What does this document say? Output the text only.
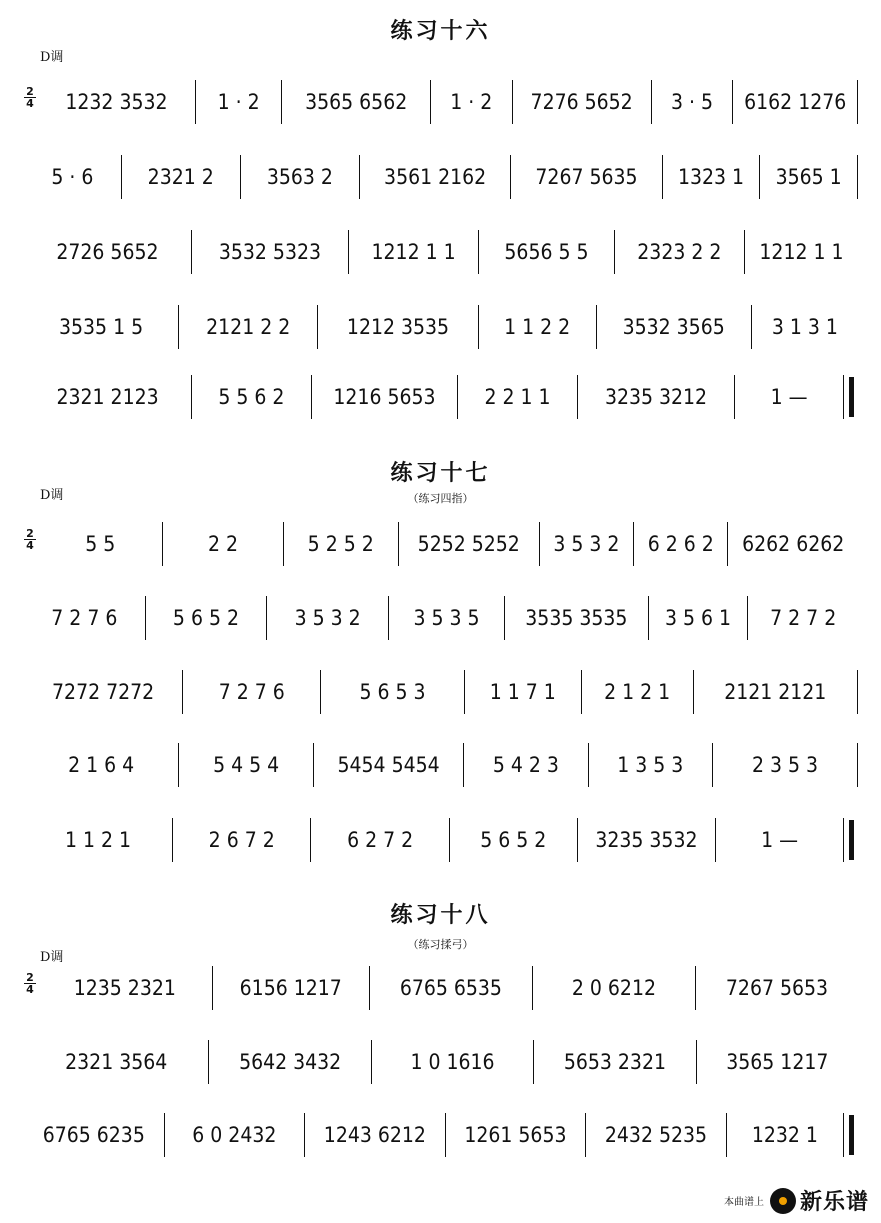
练习十六
D调
2
4	1232 3532	1 · 2	3565 6562	1 · 2	7276 5652	3 · 5	6162 1276
5 · 6	2321 2	3563 2	3561 2162	7267 5635	1323 1	3565 1
2726 5652	3532 5323	1212 1 1	5656 5 5	2323 2 2	1212 1 1
3535 1 5	2121 2 2	1212 3535	1 1 2 2	3532 3565	3 1 3 1
2321 2123	5 5 6 2	1216 5653	2 2 1 1	3235 3212	1 —
练习十七
（练习四指）
D调
2
4	5 5	2 2	5 2 5 2	5252 5252	3 5 3 2	6 2 6 2	6262 6262
7 2 7 6	5 6 5 2	3 5 3 2	3 5 3 5	3535 3535	3 5 6 1	7 2 7 2
7272 7272	7 2 7 6	5 6 5 3	1 1 7 1	2 1 2 1	2121 2121
2 1 6 4	5 4 5 4	5454 5454	5 4 2 3	1 3 5 3	2 3 5 3
1 1 2 1	2 6 7 2	6 2 7 2	5 6 5 2	3235 3532	1 —
练习十八
（练习揉弓）
D调
2
4	1235 2321	6156 1217	6765 6535	2 0 6212	7267 5653
2321 3564	5642 3432	1 0 1616	5653 2321	3565 1217
6765 6235	6 0 2432	1243 6212	1261 5653	2432 5235	1232 1
本曲谱上 新乐谱
